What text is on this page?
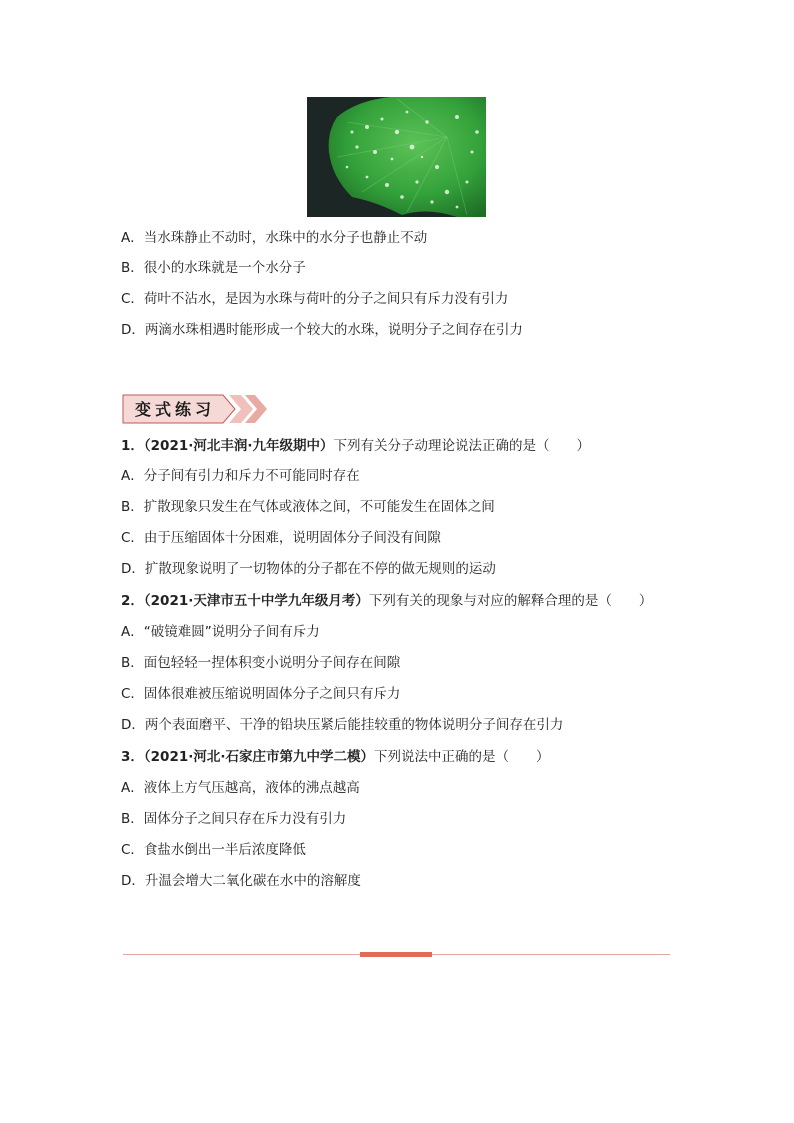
A．当水珠静止不动时，水珠中的水分子也静止不动
B．很小的水珠就是一个水分子
C．荷叶不沾水，是因为水珠与荷叶的分子之间只有斥力没有引力
D．两滴水珠相遇时能形成一个较大的水珠，说明分子之间存在引力
变式练习
1．（2021·河北丰润·九年级期中）下列有关分子动理论说法正确的是（　　）
A．分子间有引力和斥力不可能同时存在
B．扩散现象只发生在气体或液体之间，不可能发生在固体之间
C．由于压缩固体十分困难，说明固体分子间没有间隙
D．扩散现象说明了一切物体的分子都在不停的做无规则的运动
2．（2021·天津市五十中学九年级月考）下列有关的现象与对应的解释合理的是（　　）
A．“破镜难圆”说明分子间有斥力
B．面包轻轻一捏体积变小说明分子间存在间隙
C．固体很难被压缩说明固体分子之间只有斥力
D．两个表面磨平、干净的铅块压紧后能挂较重的物体说明分子间存在引力
3．（2021·河北·石家庄市第九中学二模）下列说法中正确的是（　　）
A．液体上方气压越高，液体的沸点越高
B．固体分子之间只存在斥力没有引力
C．食盐水倒出一半后浓度降低
D．升温会增大二氧化碳在水中的溶解度
